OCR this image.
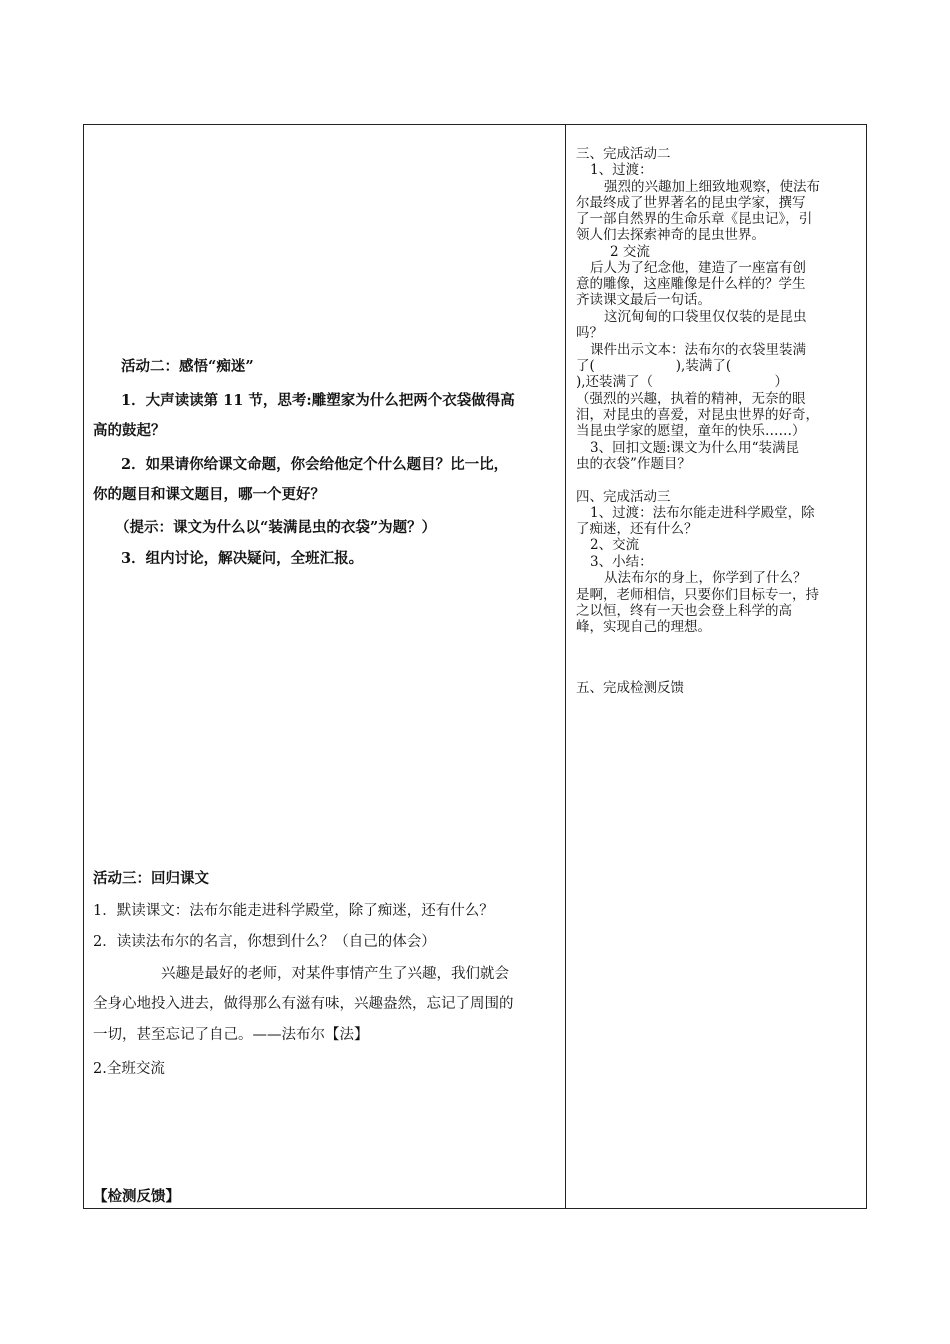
活动二：感悟“痴迷”

1．大声读读第 11 节，思考:雕塑家为什么把两个衣袋做得高

高的鼓起？

2．如果请你给课文命题，你会给他定个什么题目？比一比，

你的题目和课文题目，哪一个更好？

（提示：课文为什么以“装满昆虫的衣袋”为题？）

3．组内讨论，解决疑问，全班汇报。

活动三：回归课文

1．默读课文：法布尔能走进科学殿堂，除了痴迷，还有什么？

2．读读法布尔的名言，你想到什么？（自己的体会）

兴趣是最好的老师，对某件事情产生了兴趣，我们就会

全身心地投入进去，做得那么有滋有味，兴趣盎然，忘记了周围的

一切，甚至忘记了自己。——法布尔【法】

2.全班交流

【检测反馈】

三、完成活动二

1、过渡：

强烈的兴趣加上细致地观察，使法布

尔最终成了世界著名的昆虫学家，撰写

了一部自然界的生命乐章《昆虫记》，引

领人们去探索神奇的昆虫世界。

2 交流

后人为了纪念他，建造了一座富有创

意的雕像，这座雕像是什么样的？学生

齐读课文最后一句话。

这沉甸甸的口袋里仅仅装的是昆虫

吗？

课件出示文本：法布尔的衣袋里装满

了(　　　　　　),装满了(　　　

),还装满了（　　　　　　　　　）

（强烈的兴趣，执着的精神，无奈的眼

泪，对昆虫的喜爱，对昆虫世界的好奇，

当昆虫学家的愿望，童年的快乐……）

3、回扣文题:课文为什么用“装满昆

虫的衣袋”作题目？

四、完成活动三

1、过渡：法布尔能走进科学殿堂，除

了痴迷，还有什么？

2、交流

3、小结：

从法布尔的身上，你学到了什么？

是啊，老师相信，只要你们目标专一，持

之以恒，终有一天也会登上科学的高

峰，实现自己的理想。

五、完成检测反馈
